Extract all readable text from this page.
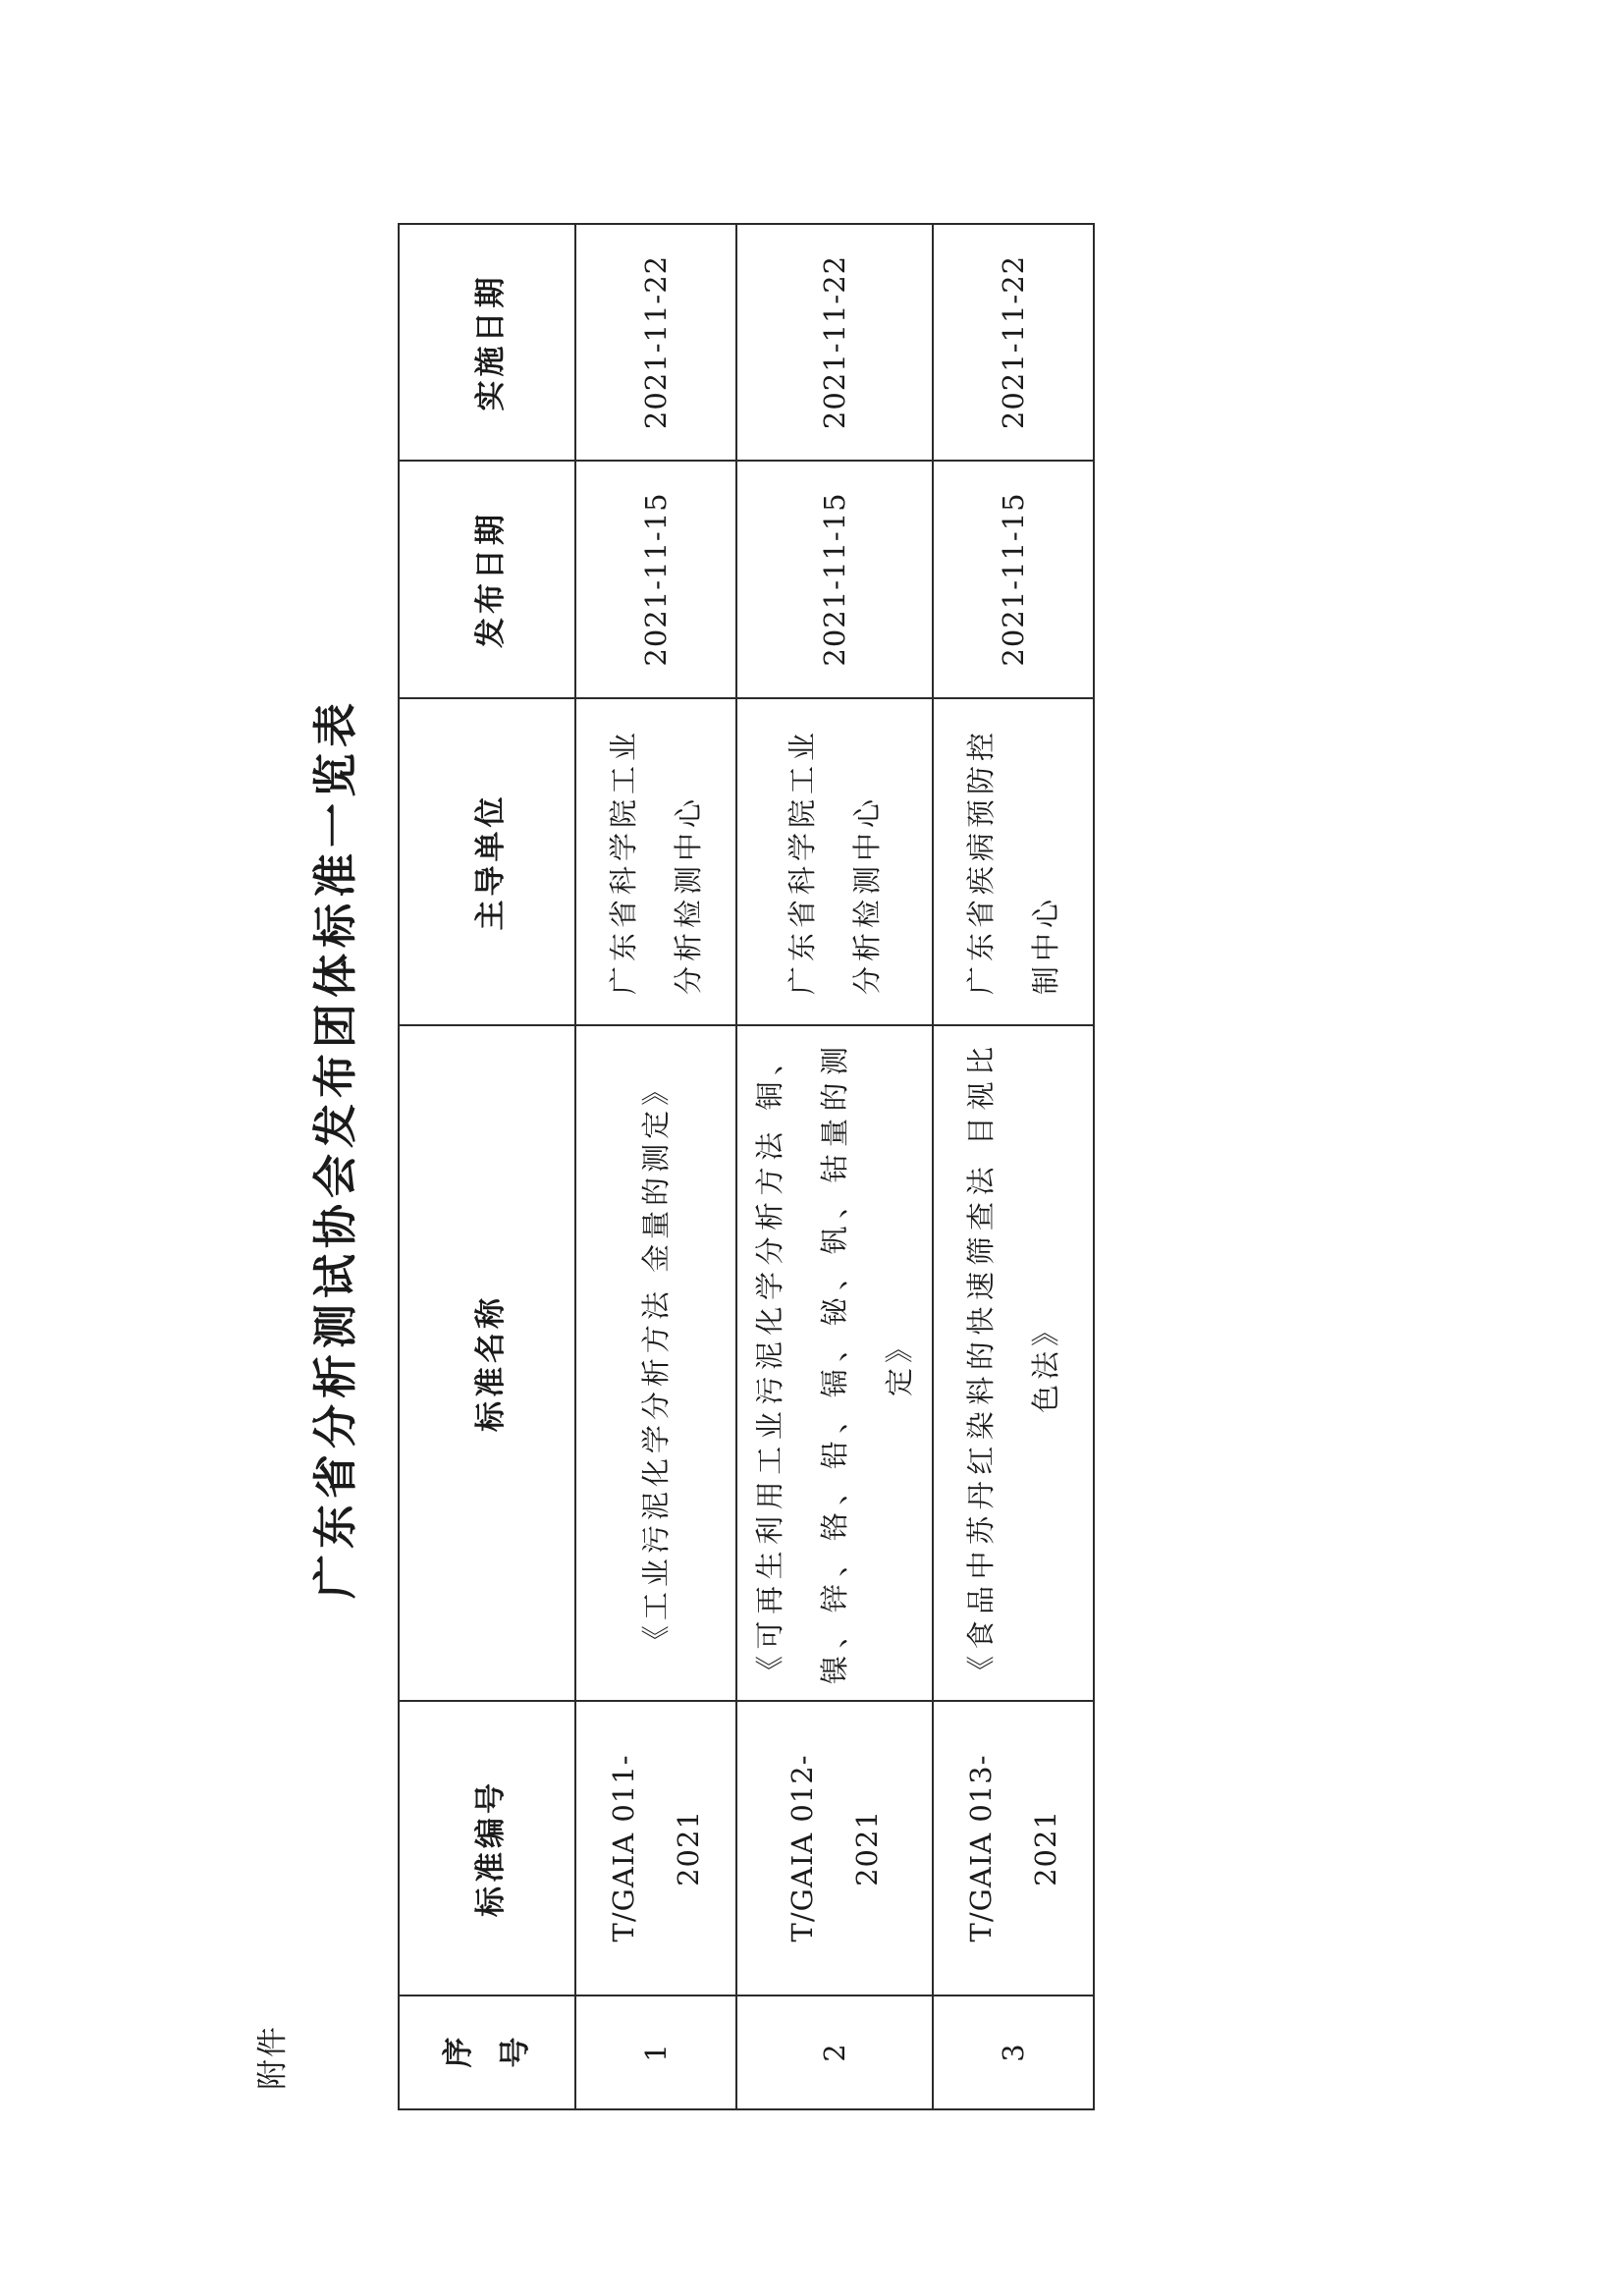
附件
广东省分析测试协会发布团体标准一览表
序 号	标准编号	标准名称	主导单位	发布日期	实施日期
1	T/GAIA 011-2021	《工业污泥化学分析方法 金量的测定》	广东省科学院工业分析检测中心	2021-11-15	2021-11-22
2	T/GAIA 012-2021	《可再生利用工业污泥化学分析方法 铜、镍、锌、铬、铅、镉、铋、钒、钴量的测定》	广东省科学院工业分析检测中心	2021-11-15	2021-11-22
3	T/GAIA 013-2021	《食品中苏丹红染料的快速筛查法 目视比色法》	广东省疾病预防控制中心	2021-11-15	2021-11-22
